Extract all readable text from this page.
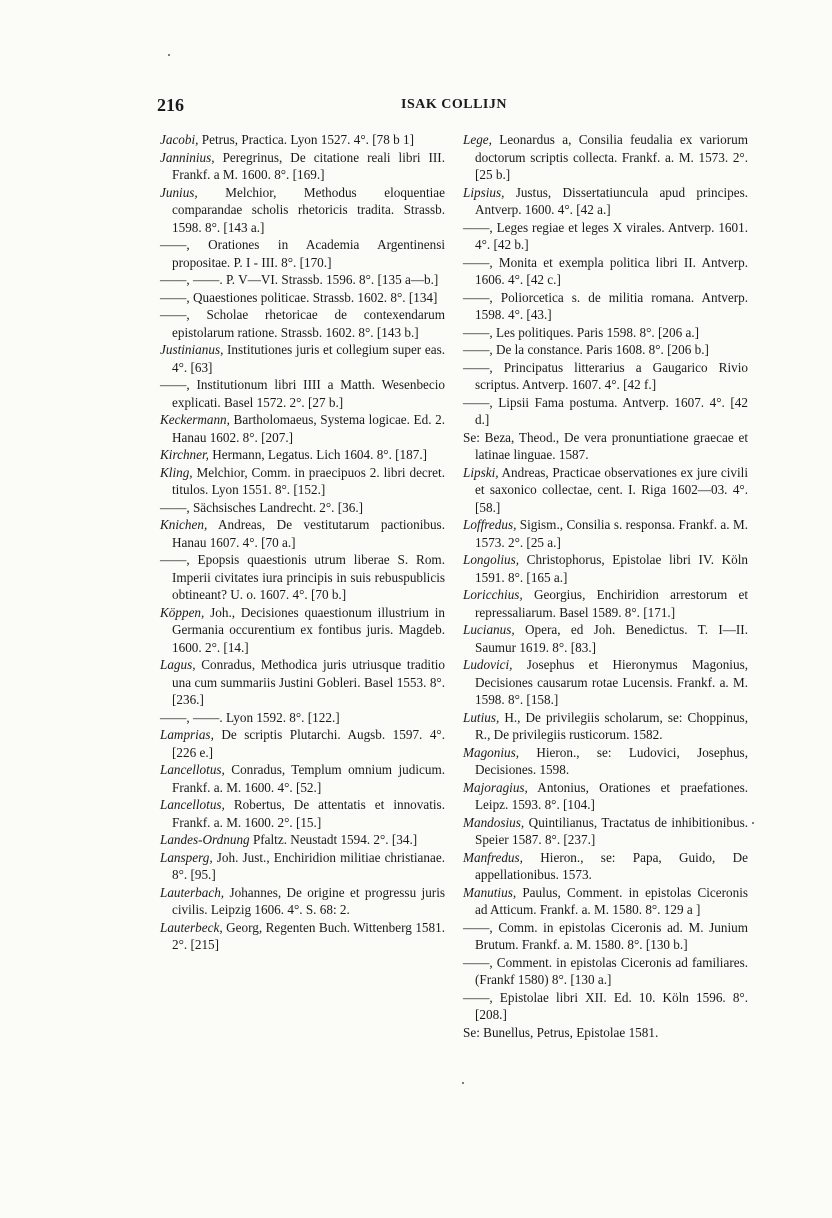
216	ISAK COLLIJN

Jacobi, Petrus, Practica. Lyon 1527. 4°. [78 b 1]

Janninius, Peregrinus, De citatione reali libri III. Frankf. a M. 1600. 8°. [169.]

Junius, Melchior, Methodus eloquentiae comparandae scholis rhetoricis tradita. Strassb. 1598. 8°. [143 a.]

——, Orationes in Academia Argentinensi propositae. P. I - III. 8°. [170.]

——, ——. P. V—VI. Strassb. 1596. 8°. [135 a—b.]

——, Quaestiones politicae. Strassb. 1602. 8°. [134]

——, Scholae rhetoricae de contexendarum epistolarum ratione. Strassb. 1602. 8°. [143 b.]

Justinianus, Institutiones juris et collegium super eas. 4°. [63]

——, Institutionum libri IIII a Matth. Wesenbecio explicati. Basel 1572. 2°. [27 b.]

Keckermann, Bartholomaeus, Systema logicae. Ed. 2. Hanau 1602. 8°. [207.]

Kirchner, Hermann, Legatus. Lich 1604. 8°. [187.]

Kling, Melchior, Comm. in praecipuos 2. libri decret. titulos. Lyon 1551. 8°. [152.]

——, Sächsisches Landrecht. 2°. [36.]

Knichen, Andreas, De vestitutarum pactionibus. Hanau 1607. 4°. [70 a.]

——, Epopsis quaestionis utrum liberae S. Rom. Imperii civitates iura principis in suis rebuspublicis obtineant? U. o. 1607. 4°. [70 b.]

Köppen, Joh., Decisiones quaestionum illustrium in Germania occurentium ex fontibus juris. Magdeb. 1600. 2°. [14.]

Lagus, Conradus, Methodica juris utriusque traditio una cum summariis Justini Gobleri. Basel 1553. 8°. [236.]

——, ——. Lyon 1592. 8°. [122.]

Lamprias, De scriptis Plutarchi. Augsb. 1597. 4°. [226 e.]

Lancellotus, Conradus, Templum omnium judicum. Frankf. a. M. 1600. 4°. [52.]

Lancellotus, Robertus, De attentatis et innovatis. Frankf. a. M. 1600. 2°. [15.]

Landes-Ordnung Pfaltz. Neustadt 1594. 2°. [34.]

Lansperg, Joh. Just., Enchiridion militiae christianae. 8°. [95.]

Lauterbach, Johannes, De origine et progressu juris civilis. Leipzig 1606. 4°. S. 68: 2.

Lauterbeck, Georg, Regenten Buch. Wittenberg 1581. 2°. [215]

Lege, Leonardus a, Consilia feudalia ex variorum doctorum scriptis collecta. Frankf. a. M. 1573. 2°. [25 b.]

Lipsius, Justus, Dissertatiuncula apud principes. Antverp. 1600. 4°. [42 a.]

——, Leges regiae et leges X virales. Antverp. 1601. 4°. [42 b.]

——, Monita et exempla politica libri II. Antverp. 1606. 4°. [42 c.]

——, Poliorcetica s. de militia romana. Antverp. 1598. 4°. [43.]

——, Les politiques. Paris 1598. 8°. [206 a.]

——, De la constance. Paris 1608. 8°. [206 b.]

——, Principatus litterarius a Gaugarico Rivio scriptus. Antverp. 1607. 4°. [42 f.]

——, Lipsii Fama postuma. Antverp. 1607. 4°. [42 d.]

Se: Beza, Theod., De vera pronuntiatione graecae et latinae linguae. 1587.

Lipski, Andreas, Practicae observationes ex jure civili et saxonico collectae, cent. I. Riga 1602—03. 4°. [58.]

Loffredus, Sigism., Consilia s. responsa. Frankf. a. M. 1573. 2°. [25 a.]

Longolius, Christophorus, Epistolae libri IV. Köln 1591. 8°. [165 a.]

Loricchius, Georgius, Enchiridion arrestorum et repressaliarum. Basel 1589. 8°. [171.]

Lucianus, Opera, ed Joh. Benedictus. T. I—II. Saumur 1619. 8°. [83.]

Ludovici, Josephus et Hieronymus Magonius, Decisiones causarum rotae Lucensis. Frankf. a. M. 1598. 8°. [158.]

Lutius, H., De privilegiis scholarum, se: Choppinus, R., De privilegiis rusticorum. 1582.

Magonius, Hieron., se: Ludovici, Josephus, Decisiones. 1598.

Majoragius, Antonius, Orationes et praefationes. Leipz. 1593. 8°. [104.]

Mandosius, Quintilianus, Tractatus de inhibitionibus. Speier 1587. 8°. [237.]

Manfredus, Hieron., se: Papa, Guido, De appellationibus. 1573.

Manutius, Paulus, Comment. in epistolas Ciceronis ad Atticum. Frankf. a. M. 1580. 8°. 129 a ]

——, Comm. in epistolas Ciceronis ad. M. Junium Brutum. Frankf. a. M. 1580. 8°. [130 b.]

——, Comment. in epistolas Ciceronis ad familiares. (Frankf 1580) 8°. [130 a.]

——, Epistolae libri XII. Ed. 10. Köln 1596. 8°. [208.]

Se: Bunellus, Petrus, Epistolae 1581.
